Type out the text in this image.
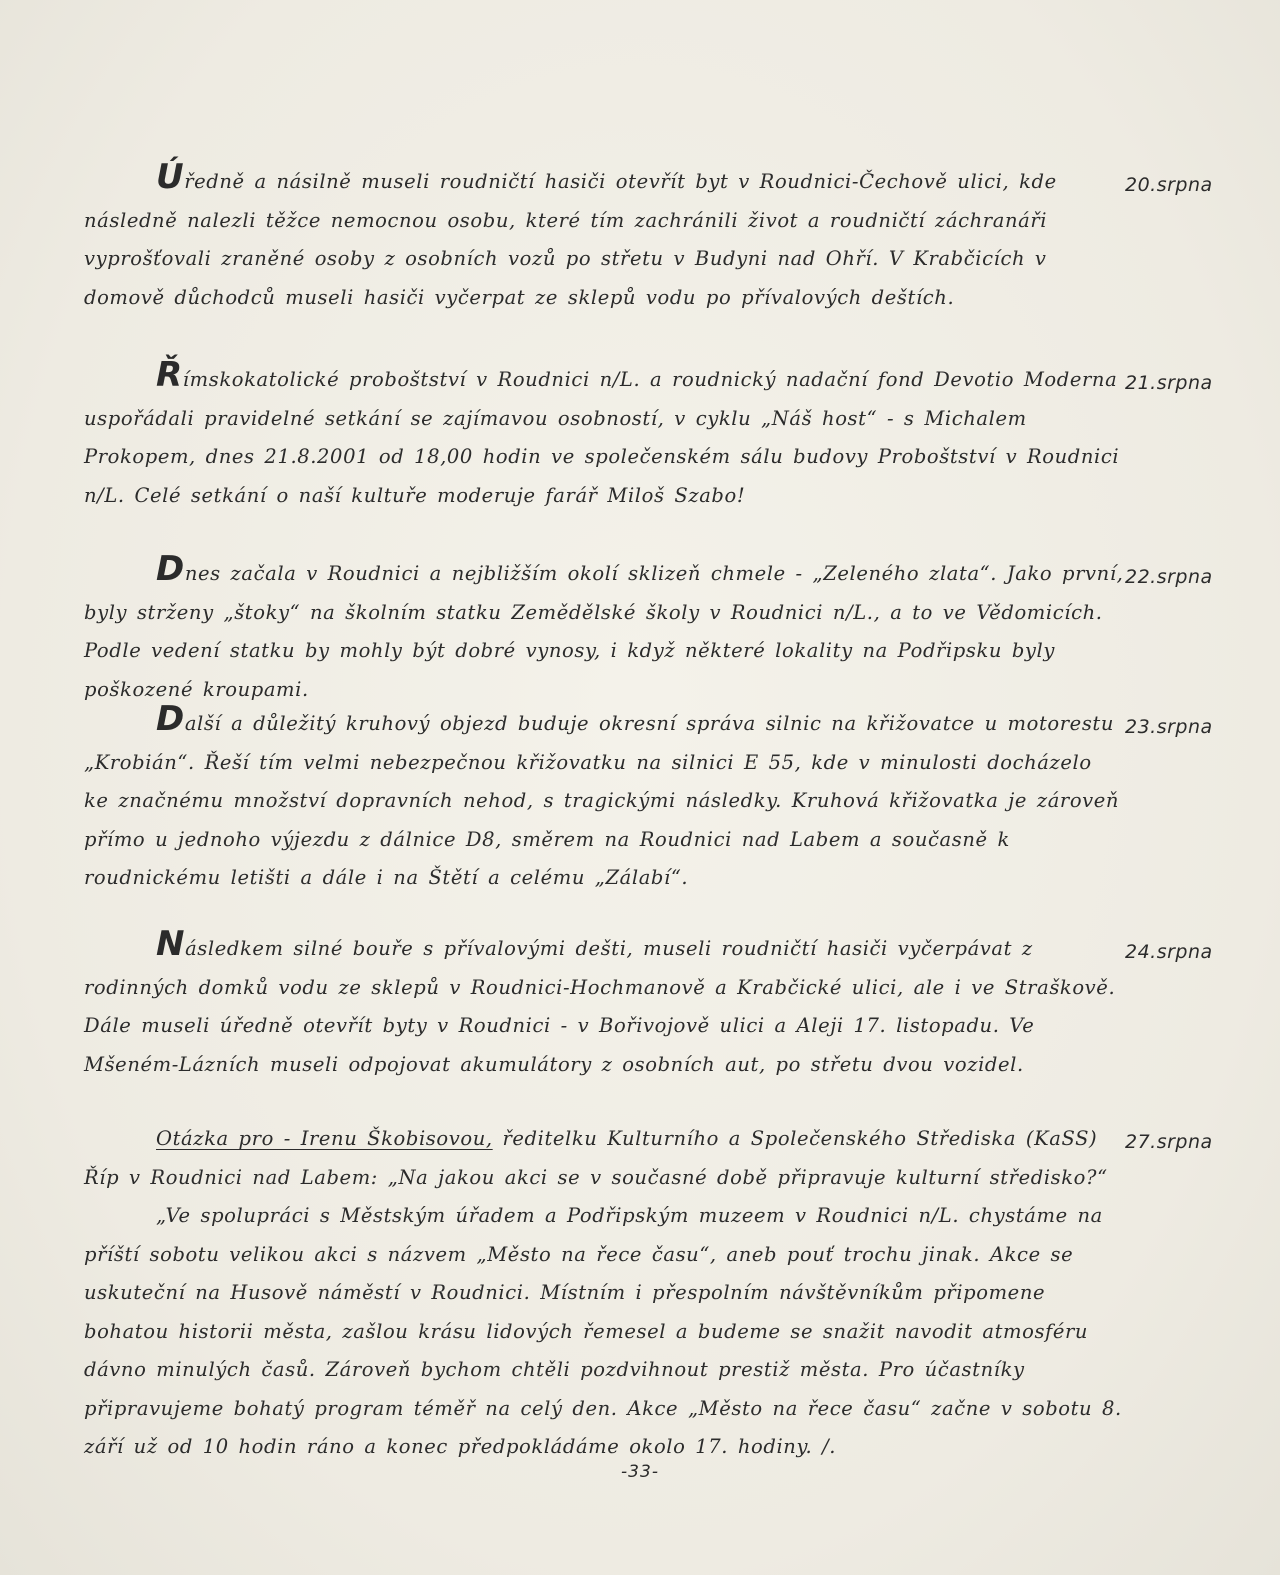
20.srpna

Úředně a násilně museli roudničtí hasiči otevřít byt v Roudnici-Čechově ulici, kde následně nalezli těžce nemocnou osobu, které tím zachránili život a roudničtí záchranáři vyprošťovali zraněné osoby z osobních vozů po střetu v Budyni nad Ohří. V Krabčicích v domově důchodců museli hasiči vyčerpat ze sklepů vodu po přívalových deštích.

21.srpna

Římskokatolické proboštství v Roudnici n/L. a roudnický nadační fond Devotio Moderna uspořádali pravidelné setkání se zajímavou osobností, v cyklu „Náš host“ - s Michalem Prokopem, dnes 21.8.2001 od 18,00 hodin ve společenském sálu budovy Proboštství v Roudnici n/L. Celé setkání o naší kultuře moderuje farář Miloš Szabo!

22.srpna

Dnes začala v Roudnici a nejbližším okolí sklizeň chmele - „Zeleného zlata“. Jako první, byly strženy „štoky“ na školním statku Zemědělské školy v Roudnici n/L., a to ve Vědomicích. Podle vedení statku by mohly být dobré vynosy, i když některé lokality na Podřipsku byly poškozené kroupami.

23.srpna

Další a důležitý kruhový objezd buduje okresní správa silnic na křižovatce u motorestu „Krobián“. Řeší tím velmi nebezpečnou křižovatku na silnici E 55, kde v minulosti docházelo ke značnému množství dopravních nehod, s tragickými následky. Kruhová křižovatka je zároveň přímo u jednoho výjezdu z dálnice D8, směrem na Roudnici nad Labem a současně k roudnickému letišti a dále i na Štětí a celému „Zálabí“.

24.srpna

Následkem silné bouře s přívalovými dešti, museli roudničtí hasiči vyčerpávat z rodinných domků vodu ze sklepů v Roudnici-Hochmanově a Krabčické ulici, ale i ve Straškově. Dále museli úředně otevřít byty v Roudnici - v Bořivojově ulici a Aleji 17. listopadu. Ve Mšeném-Lázních museli odpojovat akumulátory z osobních aut, po střetu dvou vozidel.

27.srpna

Otázka pro - Irenu Škobisovou, ředitelku Kulturního a Společenského Střediska (KaSS) Říp v Roudnici nad Labem: „Na jakou akci se v současné době připravuje kulturní středisko?“

„Ve spolupráci s Městským úřadem a Podřipským muzeem v Roudnici n/L. chystáme na příští sobotu velikou akci s názvem „Město na řece času“, aneb pouť trochu jinak. Akce se uskuteční na Husově náměstí v Roudnici. Místním i přespolním návštěvníkům připomene bohatou historii města, zašlou krásu lidových řemesel a budeme se snažit navodit atmosféru dávno minulých časů. Zároveň bychom chtěli pozdvihnout prestiž města. Pro účastníky připravujeme bohatý program téměř na celý den. Akce „Město na řece času“ začne v sobotu 8. září už od 10 hodin ráno a konec předpokládáme okolo 17. hodiny. /.

-33-
